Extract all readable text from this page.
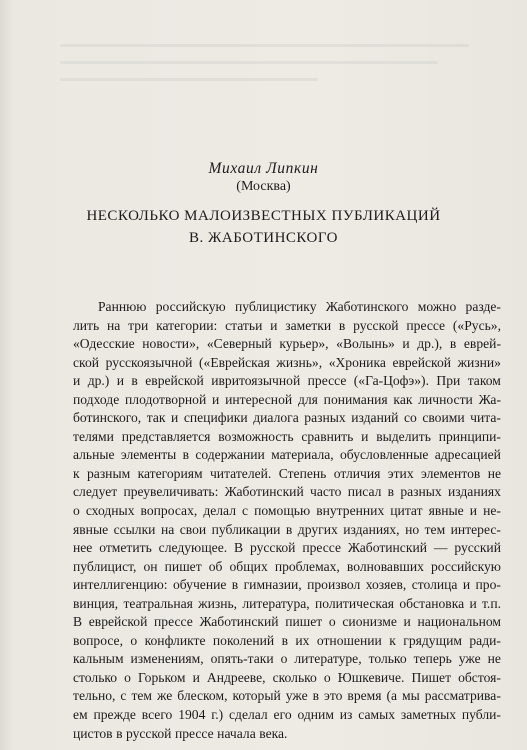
Михаил Липкин
(Москва)
НЕСКОЛЬКО МАЛОИЗВЕСТНЫХ ПУБЛИКАЦИЙ
В. ЖАБОТИНСКОГО
Раннюю российскую публицистику Жаботинского можно разде-
лить на три категории: статьи и заметки в русской прессе («Русь»,
«Одесские новости», «Северный курьер», «Волынь» и др.), в еврей-
ской русскоязычной («Еврейская жизнь», «Хроника еврейской жизни»
и др.) и в еврейской ивритоязычной прессе («Га-Цофэ»). При таком
подходе плодотворной и интересной для понимания как личности Жа-
ботинского, так и специфики диалога разных изданий со своими чита-
телями представляется возможность сравнить и выделить принципи-
альные элементы в содержании материала, обусловленные адресацией
к разным категориям читателей. Степень отличия этих элементов не
следует преувеличивать: Жаботинский часто писал в разных изданиях
о сходных вопросах, делал с помощью внутренних цитат явные и не-
явные ссылки на свои публикации в других изданиях, но тем интерес-
нее отметить следующее. В русской прессе Жаботинский — русский
публицист, он пишет об общих проблемах, волновавших российскую
интеллигенцию: обучение в гимназии, произвол хозяев, столица и про-
винция, театральная жизнь, литература, политическая обстановка и т.п.
В еврейской прессе Жаботинский пишет о сионизме и национальном
вопросе, о конфликте поколений в их отношении к грядущим ради-
кальным изменениям, опять-таки о литературе, только теперь уже не
столько о Горьком и Андрееве, сколько о Юшкевиче. Пишет обстоя-
тельно, с тем же блеском, который уже в это время (а мы рассматрива-
ем прежде всего 1904 г.) сделал его одним из самых заметных публи-
цистов в русской прессе начала века.
